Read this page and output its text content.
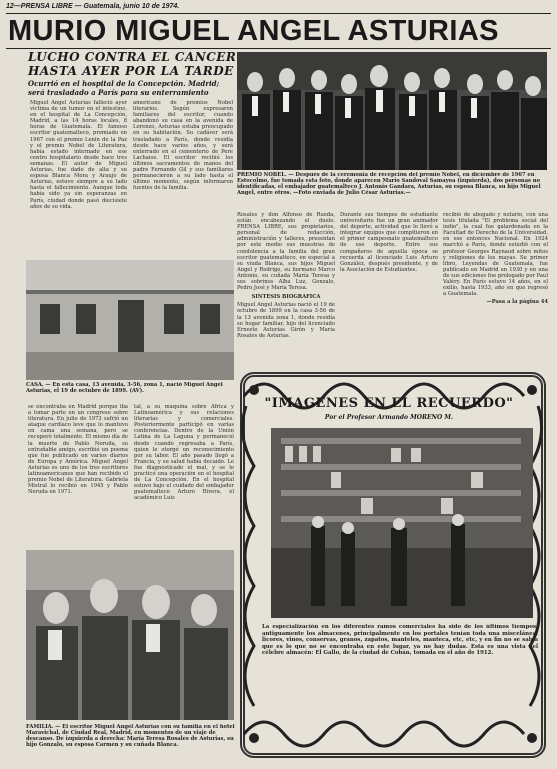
12—PRENSA LIBRE — Guatemala, junio 10 de 1974.
MURIO MIGUEL ANGEL ASTURIAS
LUCHO CONTRA EL CANCER
HASTA AYER POR LA TARDE
Ocurrió en el hospital de la Concepción. Madrid; será trasladado a París para su enterramiento
Miguel Angel Asturias falleció ayer víctima de un tumor en el intestino, en el hospital de La Concepción, Madrid, a las 14 horas locales, 8 horas de Guatemala. El famoso escritor guatemalteco, premiado en 1967 con el premio Lenin de la Paz y el premio Nobel de Literatura, había estado internado en ese centro hospitalario desde hace tres semanas. El autor de Miguel Asturias, fue dado de alta y su esposa Blanca Mora y Araujo de Asturias, estuvo siempre a su lado hasta el fallecimiento. Aunque toda había sido ya sin esperanzas en París, ciudad donde pasó diecisiete años de su vida.
americano de premios Nobel literarios. Según expresaron familiares del escritor, cuando abandonó su casa en la avenida de Lorenzo, Asturias estaba preocupado en su habitación. Su cadáver será trasladado a París, donde residía desde hace varios años, y será enterrado en el cementerio de Pere Lachaise. El escritor recibió los últimos sacramentos de manos del padre Fernando Gil y sus familiares permanecieron a su lado hasta el último momento, según informaron fuentes de la familia.
PREMIO NOBEL. — Después de la ceremonia de recepción del premio Nobel, en diciembre de 1967 en Estocolmo, fue tomada esta foto, donde aparecen Mario Sandoval Samayoa (izquierda), dos personas no identificadas, el embajador guatemalteco J. Antonio Gandara, Asturias, su esposa Blanca, su hijo Miguel Angel, entre otros. —Foto enviada de Julio César Asturias.—
Rosales y don Alfonso de Rueda, están encabezando el duelo. PRENSA LIBRE, sus propietarios, personal de redacción, administración y talleres, presentan por este medio sus muestras de condolencia a la familia del gran escritor guatemalteco, en especial a su viuda Blanca, sus hijos Miguel Angel y Rodrigo, su hermano Marco Antonio, su cuñada María Teresa y sus sobrinos Alba Luz, Gonzalo, Pedro José y María Teresa.
SINTESIS BIOGRAFICA
Miguel Angel Asturias nació el 19 de octubre de 1899 en la casa 3-56 de la 13 avenida zona 1, donde residía su hogar familiar, hijo del licenciado Ernesto Asturias Girón y María Rosales de Asturias.
Durante sus tiempos de estudiante universitario fue un gran animador del deporte, actividad que lo llevó a integrar equipos que compitieron en el primer campeonato guatemalteco de ese deporte. Entre sus compañeros de aquella época se recuerda al licenciado Luis Arturo González, después presidente, y de la Asociación de Estudiantes.
recibió de abogado y notario, con una tesis titulada "El problema social del indio", la cual fue galardonada en la Facultad de Derecho de la Universidad, en ese entonces Nacional. En 1924 marchó a París, donde estudió con el profesor Georges Raynaud sobre mitos y religiones de los mayas. Su primer libro, Leyendas de Guatemala, fue publicado en Madrid en 1930 y en una de sus ediciones fue prologado por Paul Valéry. En París estuvo 14 años, en el exilio, hasta 1933, año en que regresó a Guatemala.
—Pasa a la página 44
CASA. — En esta casa, 13 avenida, 3-56, zona 1, nació Miguel Angel Asturias, el 19 de octubre de 1899. (AV).
se encontraba en Madrid porque iba a tomar parte en un congreso sobre literatura. En julio de 1973 sufrió un ataque cardíaco leve que lo mantuvo en cama una semana, pero se recuperó totalmente. El mismo día de la muerte de Pablo Neruda, su entrañable amigo, escribió un poema que fue publicado en varios diarios de Europa y América. Miguel Angel Asturias es uno de los tres escritores latinoamericanos que han recibido el premio Nobel de Literatura. Gabriela Mistral lo recibió en 1945 y Pablo Neruda en 1971.
tal, a su máquina sobre África y Latinoamérica y sus relaciones literarias y comerciales. Posteriormente participó en varias conferencias. Dentro de la Unión Latina de La Laguna y permaneció desde cuando regresaba a París, quien le otorgó un reconocimiento por su labor. El año pasado llegó a Francia, y su salud había decaído. Le fue diagnosticado el mal, y se le practicó una operación en el hospital de La Concepción. En el hospital estuvo bajo el cuidado del embajador guatemalteco Arturo Rivera, el académico Luis
FAMILIA. — El escritor Miguel Angel Asturias con su familia en el hotel Maravichal, de Ciudad Real, Madrid, en momentos de un viaje de descanso. De izquierda a derecha: María Teresa Rosales de Asturias, su hijo Gonzalo, su esposa Carmen y su cuñada Blanca.
"IMAGENES EN EL RECUERDO"
Por el Profesor Armando MORENO M.
La especialización en los diferentes ramos comerciales ha sido de los últimos tiempos; antiguamente los almacenes, principalmente en los portales tenían toda una miscelánea: licores, vinos, conservas, granos, zapatos, manteles, manteca, etc, etc, y en fin no se sabía que es lo que no se encontraba en este lugar, ya no hay dudas. Esta es una vista del célebre almacén: El Gallo, de la ciudad de Cobán, tomada en el año de 1912.
